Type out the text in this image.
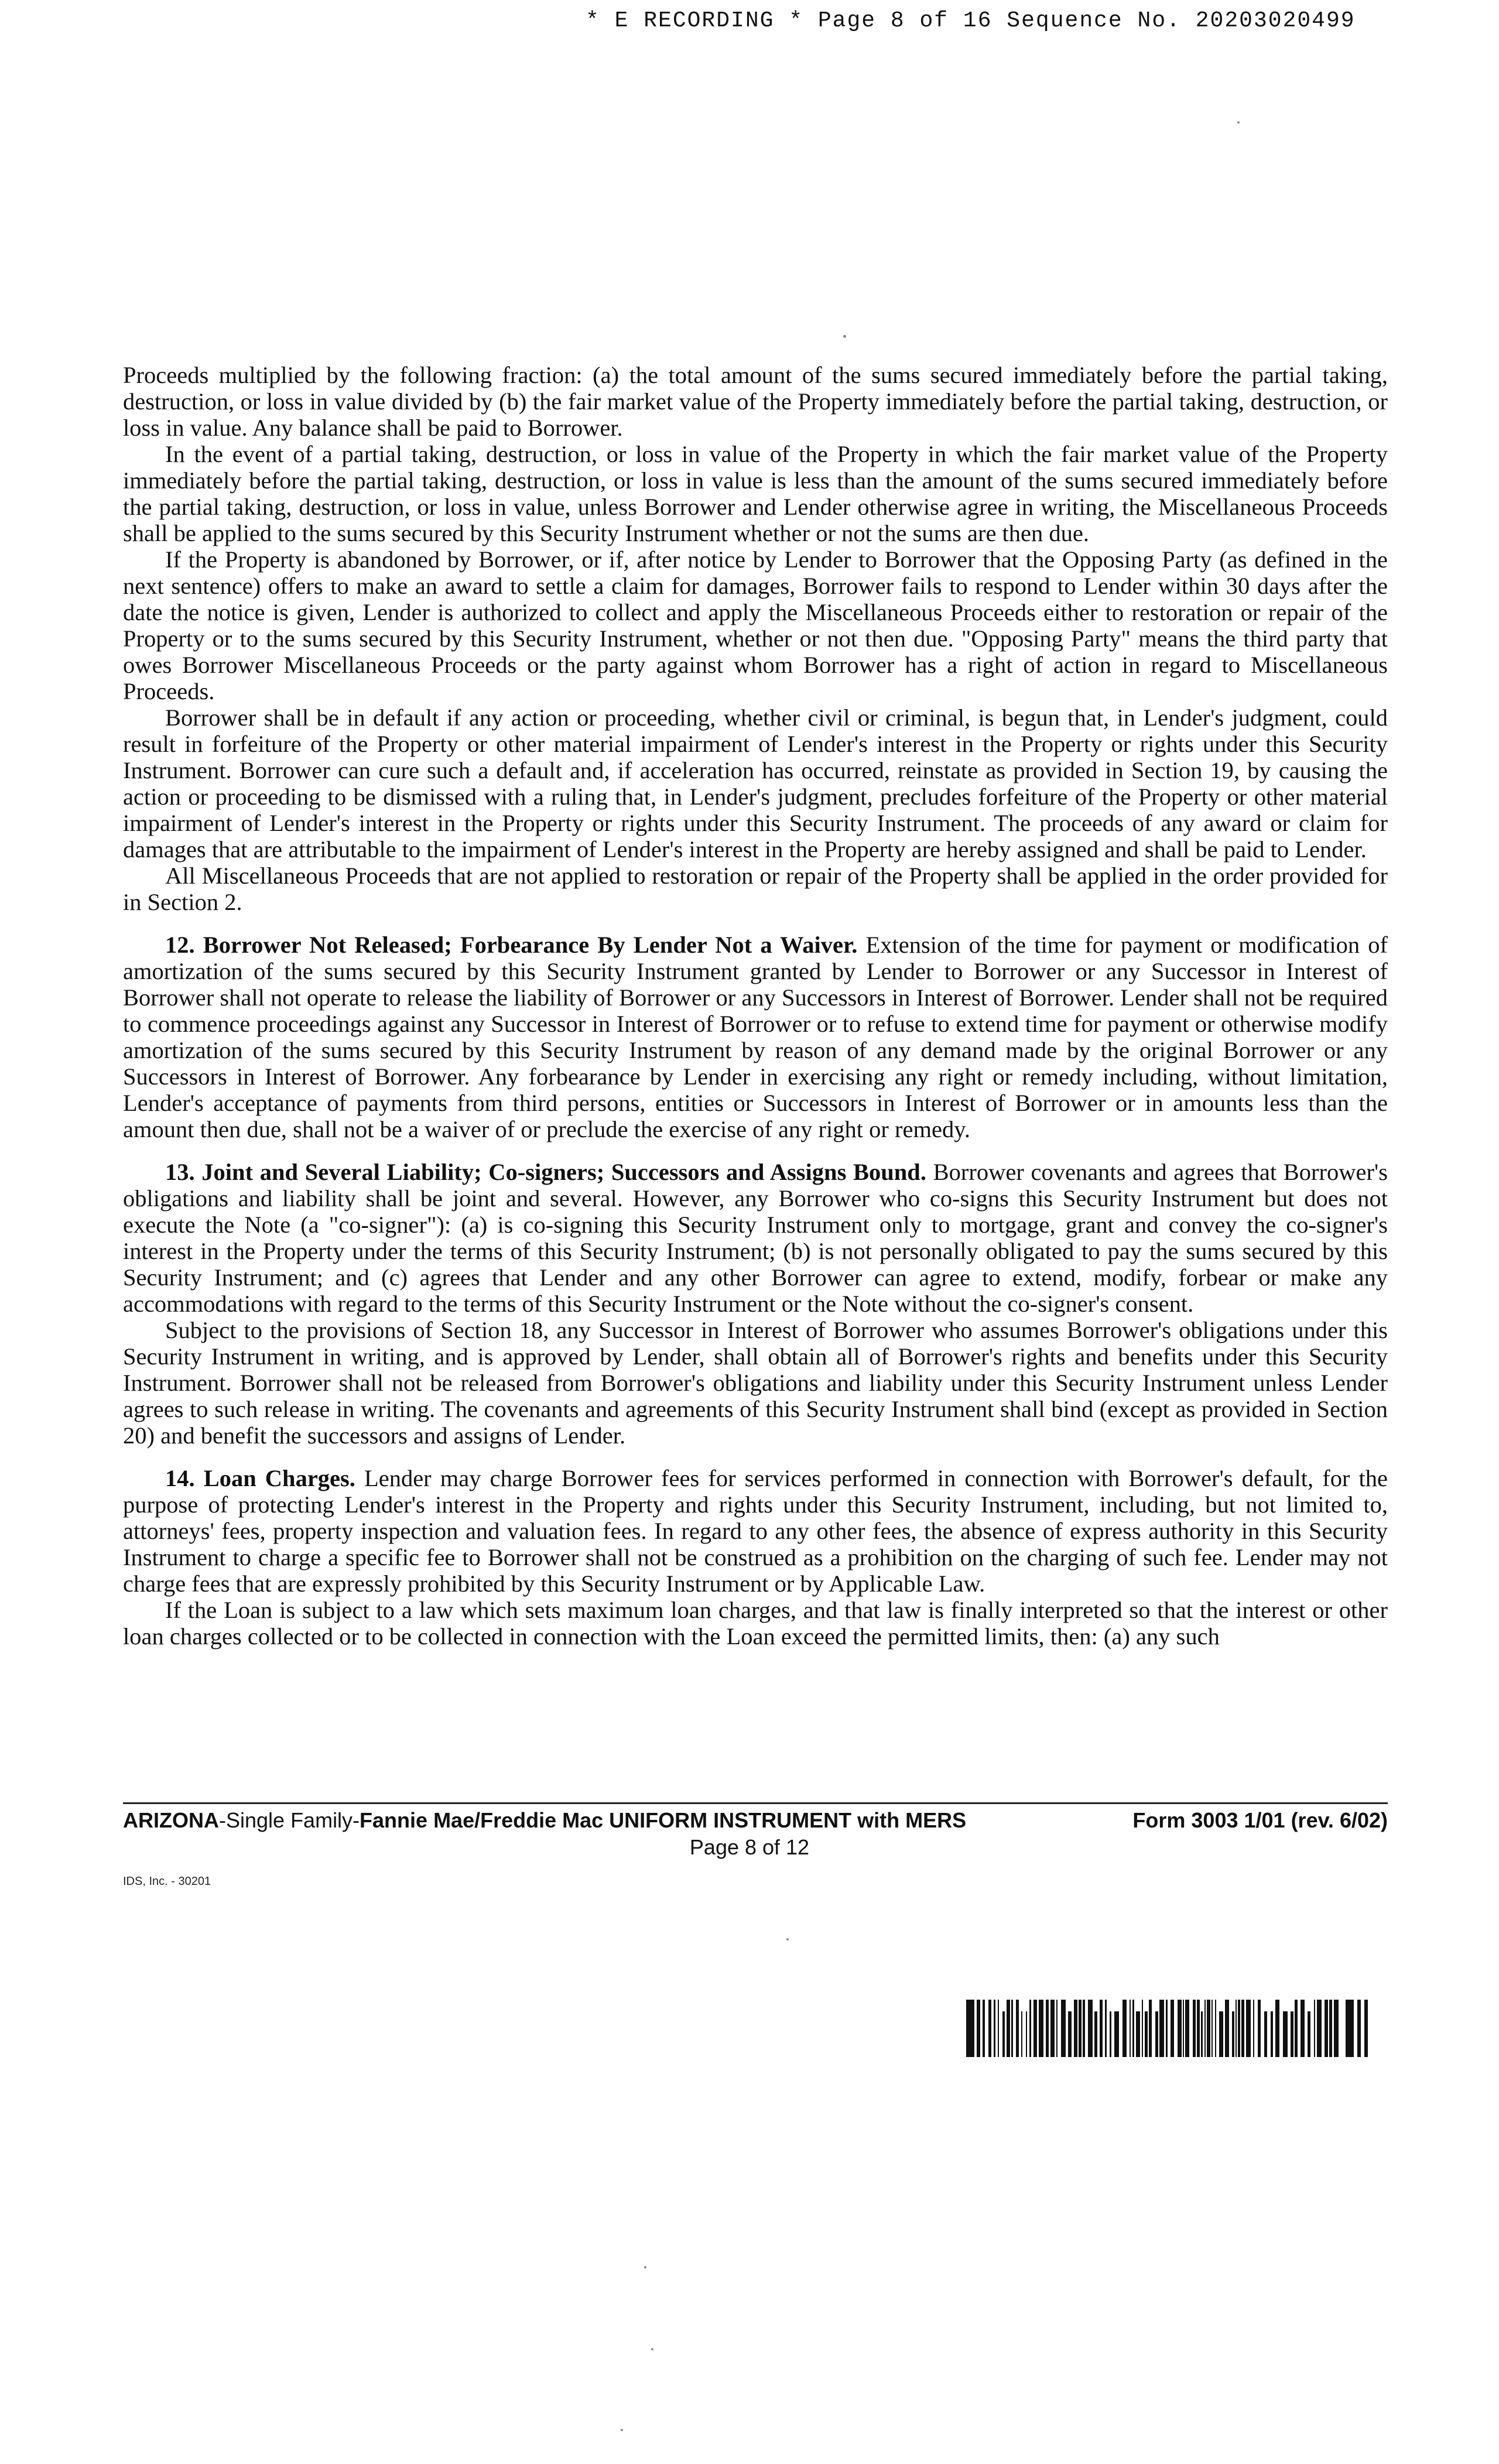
* E RECORDING * Page 8 of 16 Sequence No. 20203020499

Proceeds multiplied by the following fraction: (a) the total amount of the sums secured immediately before the partial taking, destruction, or loss in value divided by (b) the fair market value of the Property immediately before the partial taking, destruction, or loss in value. Any balance shall be paid to Borrower.

In the event of a partial taking, destruction, or loss in value of the Property in which the fair market value of the Property immediately before the partial taking, destruction, or loss in value is less than the amount of the sums secured immediately before the partial taking, destruction, or loss in value, unless Borrower and Lender otherwise agree in writing, the Miscellaneous Proceeds shall be applied to the sums secured by this Security Instrument whether or not the sums are then due.

If the Property is abandoned by Borrower, or if, after notice by Lender to Borrower that the Opposing Party (as defined in the next sentence) offers to make an award to settle a claim for damages, Borrower fails to respond to Lender within 30 days after the date the notice is given, Lender is authorized to collect and apply the Miscellaneous Proceeds either to restoration or repair of the Property or to the sums secured by this Security Instrument, whether or not then due. "Opposing Party" means the third party that owes Borrower Miscellaneous Proceeds or the party against whom Borrower has a right of action in regard to Miscellaneous Proceeds.

Borrower shall be in default if any action or proceeding, whether civil or criminal, is begun that, in Lender's judgment, could result in forfeiture of the Property or other material impairment of Lender's interest in the Property or rights under this Security Instrument. Borrower can cure such a default and, if acceleration has occurred, reinstate as provided in Section 19, by causing the action or proceeding to be dismissed with a ruling that, in Lender's judgment, precludes forfeiture of the Property or other material impairment of Lender's interest in the Property or rights under this Security Instrument. The proceeds of any award or claim for damages that are attributable to the impairment of Lender's interest in the Property are hereby assigned and shall be paid to Lender.

All Miscellaneous Proceeds that are not applied to restoration or repair of the Property shall be applied in the order provided for in Section 2.

12. Borrower Not Released; Forbearance By Lender Not a Waiver. Extension of the time for payment or modification of amortization of the sums secured by this Security Instrument granted by Lender to Borrower or any Successor in Interest of Borrower shall not operate to release the liability of Borrower or any Successors in Interest of Borrower. Lender shall not be required to commence proceedings against any Successor in Interest of Borrower or to refuse to extend time for payment or otherwise modify amortization of the sums secured by this Security Instrument by reason of any demand made by the original Borrower or any Successors in Interest of Borrower. Any forbearance by Lender in exercising any right or remedy including, without limitation, Lender's acceptance of payments from third persons, entities or Successors in Interest of Borrower or in amounts less than the amount then due, shall not be a waiver of or preclude the exercise of any right or remedy.

13. Joint and Several Liability; Co-signers; Successors and Assigns Bound. Borrower covenants and agrees that Borrower's obligations and liability shall be joint and several. However, any Borrower who co-signs this Security Instrument but does not execute the Note (a "co-signer"): (a) is co-signing this Security Instrument only to mortgage, grant and convey the co-signer's interest in the Property under the terms of this Security Instrument; (b) is not personally obligated to pay the sums secured by this Security Instrument; and (c) agrees that Lender and any other Borrower can agree to extend, modify, forbear or make any accommodations with regard to the terms of this Security Instrument or the Note without the co-signer's consent.

Subject to the provisions of Section 18, any Successor in Interest of Borrower who assumes Borrower's obligations under this Security Instrument in writing, and is approved by Lender, shall obtain all of Borrower's rights and benefits under this Security Instrument. Borrower shall not be released from Borrower's obligations and liability under this Security Instrument unless Lender agrees to such release in writing. The covenants and agreements of this Security Instrument shall bind (except as provided in Section 20) and benefit the successors and assigns of Lender.

14. Loan Charges. Lender may charge Borrower fees for services performed in connection with Borrower's default, for the purpose of protecting Lender's interest in the Property and rights under this Security Instrument, including, but not limited to, attorneys' fees, property inspection and valuation fees. In regard to any other fees, the absence of express authority in this Security Instrument to charge a specific fee to Borrower shall not be construed as a prohibition on the charging of such fee. Lender may not charge fees that are expressly prohibited by this Security Instrument or by Applicable Law.

If the Loan is subject to a law which sets maximum loan charges, and that law is finally interpreted so that the interest or other loan charges collected or to be collected in connection with the Loan exceed the permitted limits, then: (a) any such

ARIZONA-Single Family-Fannie Mae/Freddie Mac UNIFORM INSTRUMENT with MERS	Form 3003 1/01 (rev. 6/02)
Page 8 of 12
IDS, Inc. - 30201
